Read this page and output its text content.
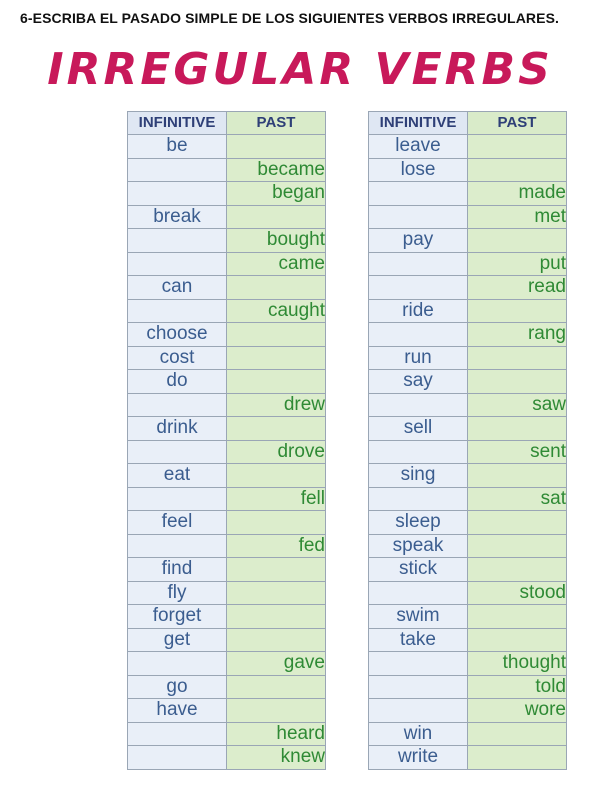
6-ESCRIBA EL PASADO SIMPLE DE LOS SIGUIENTES VERBOS IRREGULARES.
IRREGULAR VERBS
INFINITIVE	PAST
be	
	became
	began
break	
	bought
	came
can	
	caught
choose	
cost	
do	
	drew
drink	
	drove
eat	
	fell
feel	
	fed
find	
fly	
forget	
get	
	gave
go	
have	
	heard
	knew
INFINITIVE	PAST
leave	
lose	
	made
	met
pay	
	put
	read
ride	
	rang
run	
say	
	saw
sell	
	sent
sing	
	sat
sleep	
speak	
stick	
	stood
swim	
take	
	thought
	told
	wore
win	
write	
